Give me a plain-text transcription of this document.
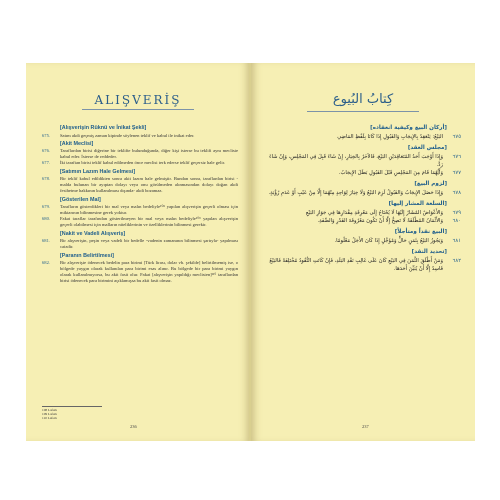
ALIŞVERİŞ
[Alışverişin Rüknü ve İnikat Şekli]
675.	Satım akdi geçmiş zaman kipinde söylenen teklif ve kabul ile inikat eder.
[Akit Meclisi]
676.	Taraflardan birisi diğerine bir teklifte bulunduğunda, diğer kişi isterse bu teklifi aynı mecliste kabul eder. İsterse de reddeder.
677.	İki taraftan birisi teklif kabul edilmeden önce meclisi terk ederse teklif geçersiz hale gelir.
[Satımın Lazım Hale Gelmesi]
678.	Bir teklif kabul edildikten sonra akit lazım hale gelmiştir. Bundan sonra, taraflardan birisi -malda bulunan bir ayıptan dolayı veya onu görülmeden alınmasından dolayı doğan akdi fesihetme hakkının kullanılması dışında- akdi bozamaz.
[Gösterilen Mal]
679.	Tarafların gösterdikleri bir mal veya malın bedeliyle¹⁰⁸ yapılan alışverişin geçerli olması için miktarının bilinmesine gerek yoktur.
680.	Fakat taraflar tarafından gösterilmeyen bir mal veya malın bedeliyle¹⁰⁹ yapılan alışverişin geçerli olabilmesi için malların niteliklerinin ve özelliklerinin bilinmesi gerekir.
[Nakit ve Vadeli Alışveriş]
681.	Bir alışverişin, peşin veya vadeli bir bedelle -vadenin zamanının bilinmesi şartıyla- yapılması caizdir.
[Paranın Belirtilmesi]
682.	Bir alışverişte ödenecek bedelin para birimi [Türk lirası, dolar vb. şekilde] belirtilmemiş ise, o bölgede yaygın olarak kullanılan para birimi esas alınır. Bu bölgede bir para birimi yaygın olarak kullanılmıyorsa, bu akit fasit olur. Fakat [alışverişin yapıldığı meclisten]¹¹⁰ taraflardan birisi ödenecek para birimini açıklamışsa bu akit fasit olmaz.
108 Lafızlı
109 Lafızlı
110 Lafızlı
236
كِتابُ البُيوع
[أركان البيع وكيفية انعقاده]
٦٧٥
البَيْعُ: يَنْعَقِدُ بِالإِيجَابِ وَالقَبُولِ إِذَا كَانَا بِلَفْظِ المَاضِي
[مجلس العقد]
٦٧٦
وَإِذَا أَوْجَبَ أَحَدُ المُتَعَاقِدَيْنِ البَيْعَ، فَالآخَرُ بِالخِيَارِ، إِنْ شَاءَ قَبِلَ فِي المَجْلِسِ، وَإِنْ شَاءَ رَدَّ.
٦٧٧
وَأَيُّهُمَا قَامَ مِنَ المَجْلِسِ قَبْلَ القَبُولِ بَطَلَ الإِيجَابُ.
[لزوم البيع]
٦٧٨
وَإِذَا حَصَلَ الإِيجَابُ وَالقَبُولُ لَزِمَ البَيْعُ وَلَا خِيَارَ لِوَاحِدٍ مِنْهُمَا إِلَّا مِنْ عَيْبٍ أَوْ عَدَمِ رُؤْيَةٍ.
[السلعة المشار إليها]
٦٧٩
وَالأَعْوَاضُ المُشَارُ إِلَيْهَا لَا يُحْتَاجُ إِلَى مَعْرِفَةِ مِقْدَارِهَا فِي جَوَازِ البَيْعِ
٦٨٠
وَالأَثْمَانُ المُطْلَقَةُ لَا تَصِحُّ إِلَّا أَنْ تَكُونَ مَعْرُوفَةَ القَدْرِ وَالصِّفَةِ.
[البيع نقداً ومتأجلاً]
٦٨١
وَيَجُوزُ البَيْعُ بِثَمَنٍ حَالٍّ وَمُؤَجَّلٍ إِذَا كَانَ الأَجَلُ مَعْلُومًا.
[تحديد النقد]
٦٨٢
وَمَنْ أَطْلَقَ الثَّمَنَ فِي البَيْعِ كَانَ عَلَى غَالِبِ نَقْدِ البَلَدِ، فَإِنْ كَانَتِ النُّقُودُ مُخْتَلِفَةً فَالبَيْعُ فَاسِدٌ إِلَّا أَنْ يُبَيِّنَ أَحَدَهَا.
237
